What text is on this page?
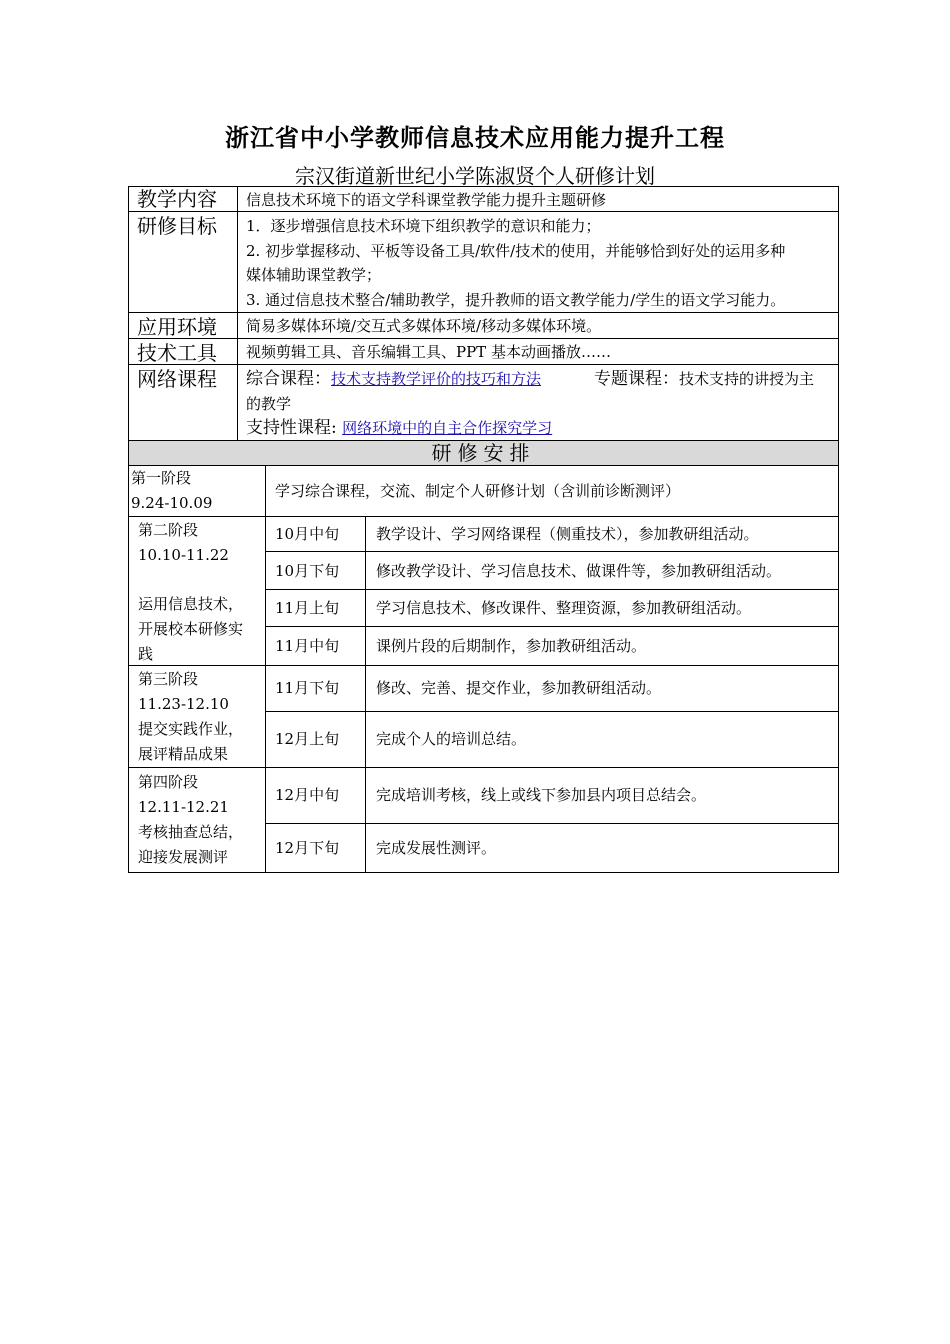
浙江省中小学教师信息技术应用能力提升工程
宗汉街道新世纪小学陈淑贤个人研修计划
教学内容 信息技术环境下的语文学科课堂教学能力提升主题研修
研修目标 1．逐步增强信息技术环境下组织教学的意识和能力；
2. 初步掌握移动、平板等设备工具/软件/技术的使用，并能够恰到好处的运用多种
媒体辅助课堂教学；
3. 通过信息技术整合/辅助教学，提升教师的语文教学能力/学生的语文学习能力。
应用环境 简易多媒体环境/交互式多媒体环境/移动多媒体环境。
技术工具 视频剪辑工具、音乐编辑工具、PPT 基本动画播放……
网络课程 综合课程：技术支持教学评价的技巧和方法	专题课程：技术支持的讲授为主
的教学
支持性课程: 网络环境中的自主合作探究学习
研修安排
第一阶段
9.24-10.09
学习综合课程，交流、制定个人研修计划（含训前诊断测评）
第二阶段
10.10-11.22
运用信息技术，
开展校本研修实
践
10月中旬 教学设计、学习网络课程（侧重技术），参加教研组活动。
10月下旬 修改教学设计、学习信息技术、做课件等，参加教研组活动。
11月上旬 学习信息技术、修改课件、整理资源，参加教研组活动。
11月中旬 课例片段的后期制作，参加教研组活动。
第三阶段
11.23-12.10
提交实践作业，
展评精品成果
11月下旬 修改、完善、提交作业，参加教研组活动。
12月上旬 完成个人的培训总结。
第四阶段
12.11-12.21
考核抽查总结，
迎接发展测评
12月中旬 完成培训考核，线上或线下参加县内项目总结会。
12月下旬 完成发展性测评。
